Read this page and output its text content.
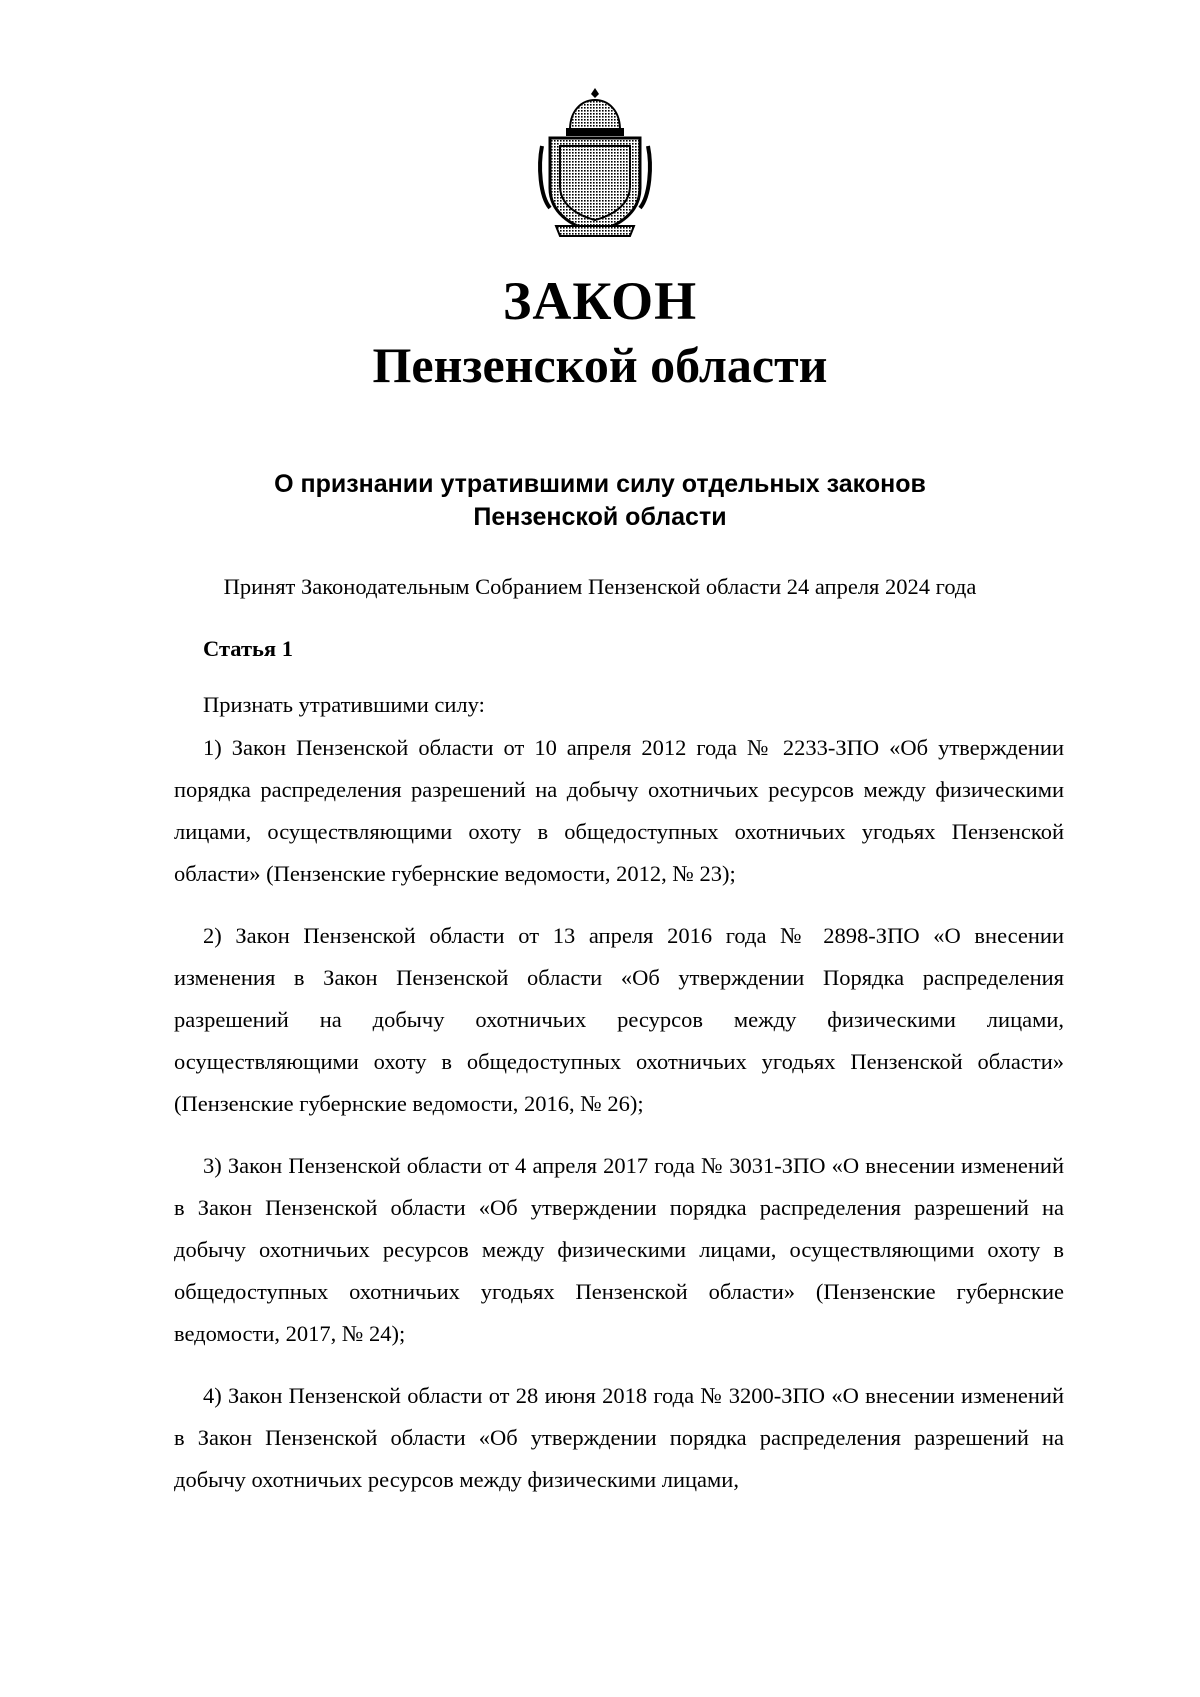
ЗАКОН
Пензенской области
О признании утратившими силу отдельных законов
Пензенской области
Принят Законодательным Собранием Пензенской области 24 апреля 2024 года
Статья 1
Признать утратившими силу:

1) Закон Пензенской области от 10 апреля 2012 года № 2233-ЗПО «Об утверждении порядка распределения разрешений на добычу охотничьих ресурсов между физическими лицами, осуществляющими охоту в общедоступных охотничьих угодьях Пензенской области» (Пензенские губернские ведомости, 2012, № 23);

2) Закон Пензенской области от 13 апреля 2016 года № 2898-ЗПО «О внесении изменения в Закон Пензенской области «Об утверждении Порядка распределения разрешений на добычу охотничьих ресурсов между физическими лицами, осуществляющими охоту в общедоступных охотничьих угодьях Пензенской области» (Пензенские губернские ведомости, 2016, № 26);

3) Закон Пензенской области от 4 апреля 2017 года № 3031-ЗПО «О внесении изменений в Закон Пензенской области «Об утверждении порядка распределения разрешений на добычу охотничьих ресурсов между физическими лицами, осуществляющими охоту в общедоступных охотничьих угодьях Пензенской области» (Пензенские губернские ведомости, 2017, № 24);

4) Закон Пензенской области от 28 июня 2018 года № 3200-ЗПО «О внесении изменений в Закон Пензенской области «Об утверждении порядка распределения разрешений на добычу охотничьих ресурсов между физическими лицами,
